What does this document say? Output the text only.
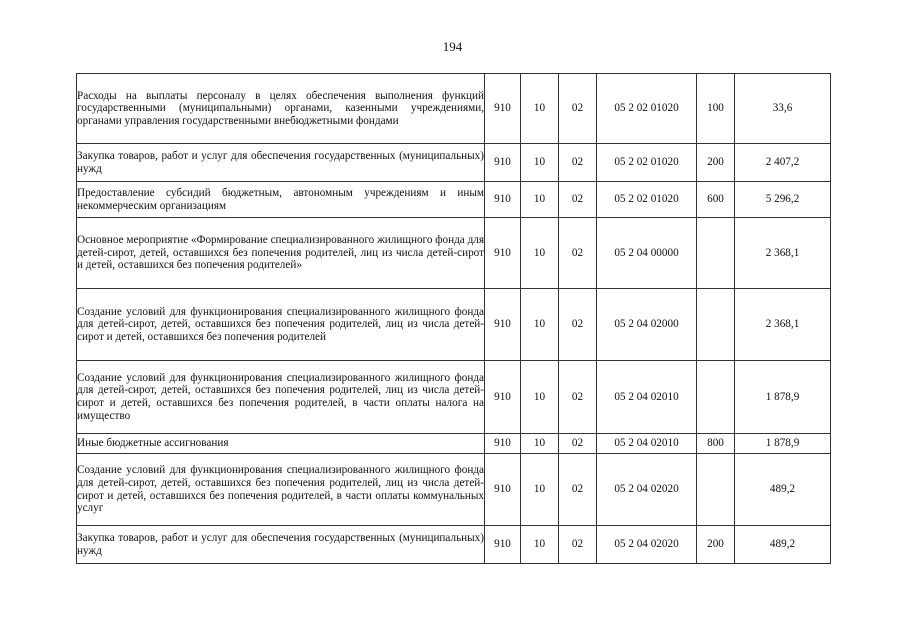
194
Расходы на выплаты персоналу в целях обеспечения выполнения функций государственными (муниципальными) органами, казенными учреждениями, органами управления государственными внебюджетными фондами	910	10	02	05 2 02 01020	100	33,6
Закупка товаров, работ и услуг для обеспечения государственных (муниципальных) нужд	910	10	02	05 2 02 01020	200	2 407,2
Предоставление субсидий бюджетным, автономным учреждениям и иным некоммерческим организациям	910	10	02	05 2 02 01020	600	5 296,2
Основное мероприятие «Формирование специализированного жилищного фонда для детей-сирот, детей, оставшихся без попечения родителей, лиц из числа детей-сирот и детей, оставшихся без попечения родителей»	910	10	02	05 2 04 00000		2 368,1
Создание условий для функционирования специализированного жилищного фонда для детей-сирот, детей, оставшихся без попечения родителей, лиц из числа детей-сирот и детей, оставшихся без попечения родителей	910	10	02	05 2 04 02000		2 368,1
Создание условий для функционирования специализированного жилищного фонда для детей-сирот, детей, оставшихся без попечения родителей, лиц из числа детей-сирот и детей, оставшихся без попечения родителей, в части оплаты налога на имущество	910	10	02	05 2 04 02010		1 878,9
Иные бюджетные ассигнования	910	10	02	05 2 04 02010	800	1 878,9
Создание условий для функционирования специализированного жилищного фонда для детей-сирот, детей, оставшихся без попечения родителей, лиц из числа детей-сирот и детей, оставшихся без попечения родителей, в части оплаты коммунальных услуг	910	10	02	05 2 04 02020		489,2
Закупка товаров, работ и услуг для обеспечения государственных (муниципальных) нужд	910	10	02	05 2 04 02020	200	489,2
